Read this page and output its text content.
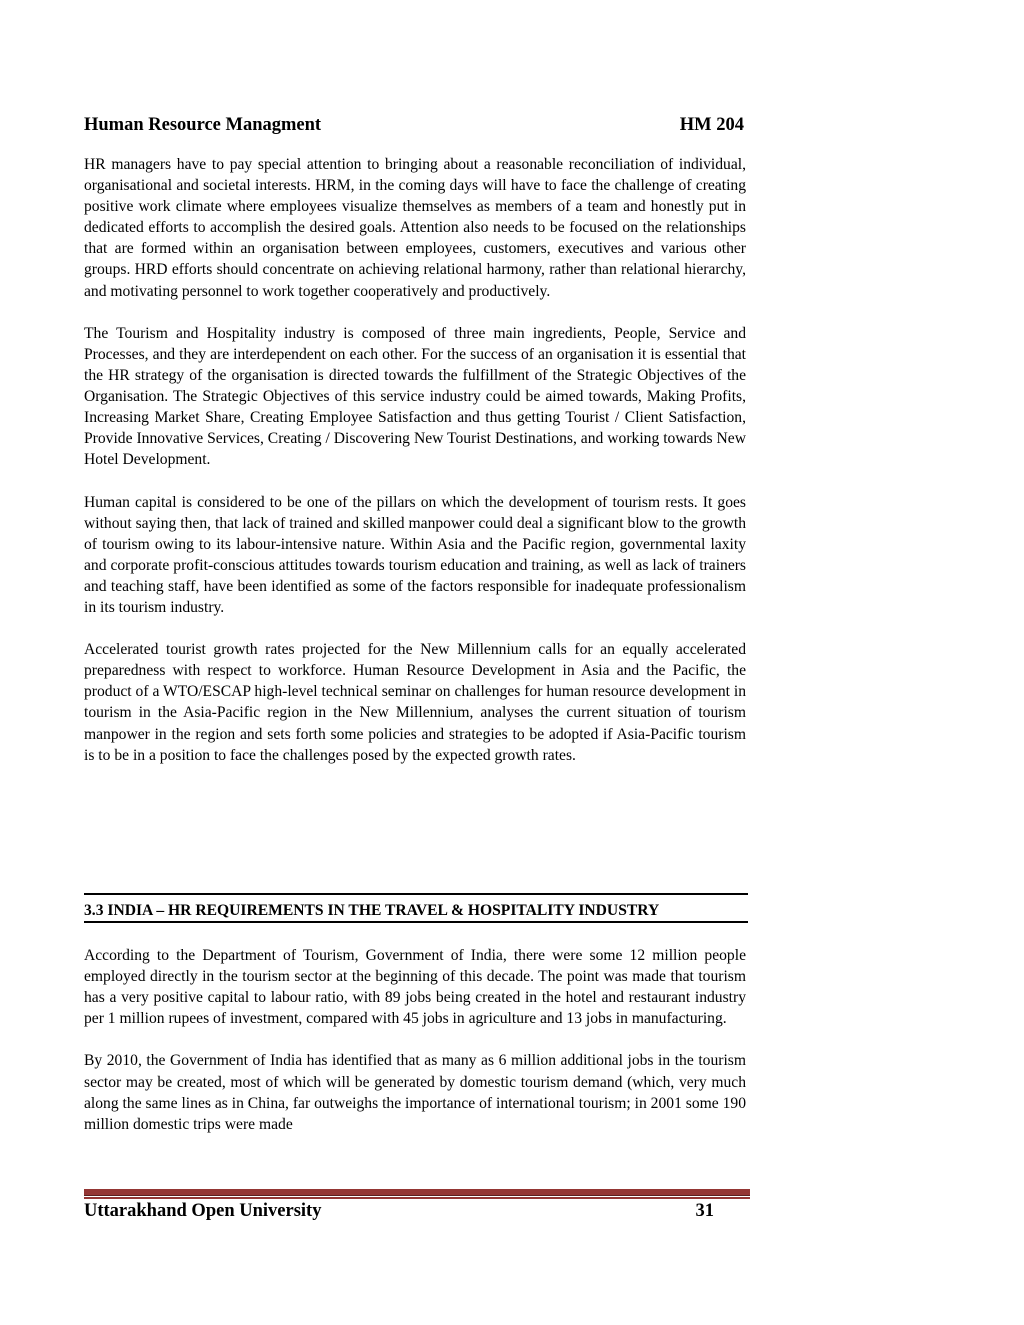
Human Resource Managment	HM 204

HR managers have to pay special attention to bringing about a reasonable reconciliation of individual, organisational and societal interests. HRM, in the coming days will have to face the challenge of creating positive work climate where employees visualize themselves as members of a team and honestly put in dedicated efforts to accomplish the desired goals. Attention also needs to be focused on the relationships that are formed within an organisation between employees, customers, executives and various other groups. HRD efforts should concentrate on achieving relational harmony, rather than relational hierarchy, and motivating personnel to work together cooperatively and productively.

The Tourism and Hospitality industry is composed of three main ingredients, People, Service and Processes, and they are interdependent on each other. For the success of an organisation it is essential that the HR strategy of the organisation is directed towards the fulfillment of the Strategic Objectives of the Organisation. The Strategic Objectives of this service industry could be aimed towards, Making Profits, Increasing Market Share, Creating Employee Satisfaction and thus getting Tourist / Client Satisfaction, Provide Innovative Services, Creating / Discovering New Tourist Destinations, and working towards New Hotel Development.

Human capital is considered to be one of the pillars on which the development of tourism rests. It goes without saying then, that lack of trained and skilled manpower could deal a significant blow to the growth of tourism owing to its labour-intensive nature. Within Asia and the Pacific region, governmental laxity and corporate profit-conscious attitudes towards tourism education and training, as well as lack of trainers and teaching staff, have been identified as some of the factors responsible for inadequate professionalism in its tourism industry.

Accelerated tourist growth rates projected for the New Millennium calls for an equally accelerated preparedness with respect to workforce. Human Resource Development in Asia and the Pacific, the product of a WTO/ESCAP high-level technical seminar on challenges for human resource development in tourism in the Asia-Pacific region in the New Millennium, analyses the current situation of tourism manpower in the region and sets forth some policies and strategies to be adopted if Asia-Pacific tourism is to be in a position to face the challenges posed by the expected growth rates.

3.3 INDIA – HR REQUIREMENTS IN THE TRAVEL & HOSPITALITY INDUSTRY

According to the Department of Tourism, Government of India, there were some 12 million people employed directly in the tourism sector at the beginning of this decade. The point was made that tourism has a very positive capital to labour ratio, with 89 jobs being created in the hotel and restaurant industry per 1 million rupees of investment, compared with 45 jobs in agriculture and 13 jobs in manufacturing.

By 2010, the Government of India has identified that as many as 6 million additional jobs in the tourism sector may be created, most of which will be generated by domestic tourism demand (which, very much along the same lines as in China, far outweighs the importance of international tourism; in 2001 some 190 million domestic trips were made

Uttarakhand Open University	31
